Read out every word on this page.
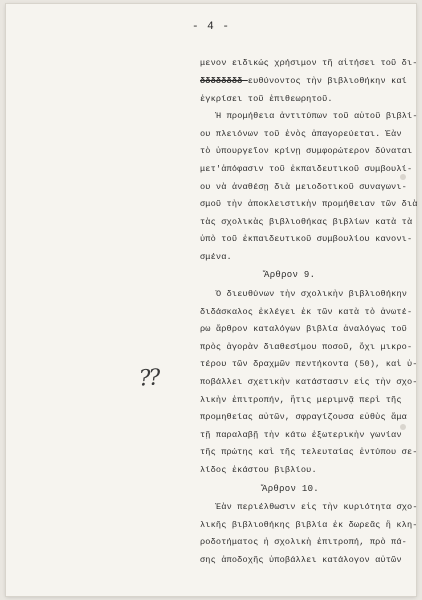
- 4 -
μενον ειδικώς χρήσιμον τῆ αἰτήσει τοῦ δι-
δδδδδδδδ ευθύνοντος τὴν βιβλιοθήκην καί
ἐγκρίσει τοῦ ἐπιθεωρητοῦ.
Ἡ προμήθεια ἀντιτύπων τοῦ αὐτοῦ βιβλί-
ου πλειόνων τοῦ ἑνὸς ἀπαγορεύεται. Ἐὰν
τὸ ὑπουργεῖον κρίνῃ συμφορώτερον δύναται
μετ'ἀπόφασιν τοῦ ἐκπαιδευτικοῦ συμβουλί-
ου νὰ ἀναθέσῃ διὰ μειοδοτικοῦ συναγωνι-
σμοῦ τὴν ἀποκλειστικὴν προμήθειαν τῶν διὰ
τὰς σχολικὰς βιβλιοθήκας βιβλίων κατὰ τὰ
ὑπὸ τοῦ ἐκπαιδευτικοῦ συμβουλίου κανονι-
σμένα.
Ὁ διευθύνων τὴν σχολικὴν βιβλιοθήκην
διδάσκαλος ἐκλέγει ἐκ τῶν κατὰ τὸ ἀνωτέ-
ρω ἄρθρον καταλόγων βιβλία ἀναλόγως τοῦ
πρὸς ἀγορὰν διαθεσίμου ποσοῦ, ὄχι μικρο-
τέρου τῶν δραχμῶν πεντήκοντα (50), καὶ ὑ-
ποβάλλει σχετικὴν κατάστασιν εἰς τὴν σχο-
λικὴν ἐπιτροπήν, ἥτις μεριμνᾷ περὶ τῆς
προμηθείας αὐτῶν, σφραγίζουσα εὐθὺς ἅμα
τῇ παραλαβῇ τὴν κάτω ἐξωτερικὴν γωνίαν
τῆς πρώτης καὶ τῆς τελευταίας ἐντύπου σε-
λίδος ἑκάστου βιβλίου.
Ἐὰν περιέλθωσιν εἰς τὴν κυριότητα σχο-
λικῆς βιβλιοθήκης βιβλία ἐκ δωρεᾶς ἢ κλη-
ροδοτήματος ἡ σχολικὴ ἐπιτροπή, πρὸ πά-
σης ἀποδοχῆς ὑποβάλλει κατάλογον αὐτῶν
Ἄρθρον 9.
Ἄρθρον 10.
??
